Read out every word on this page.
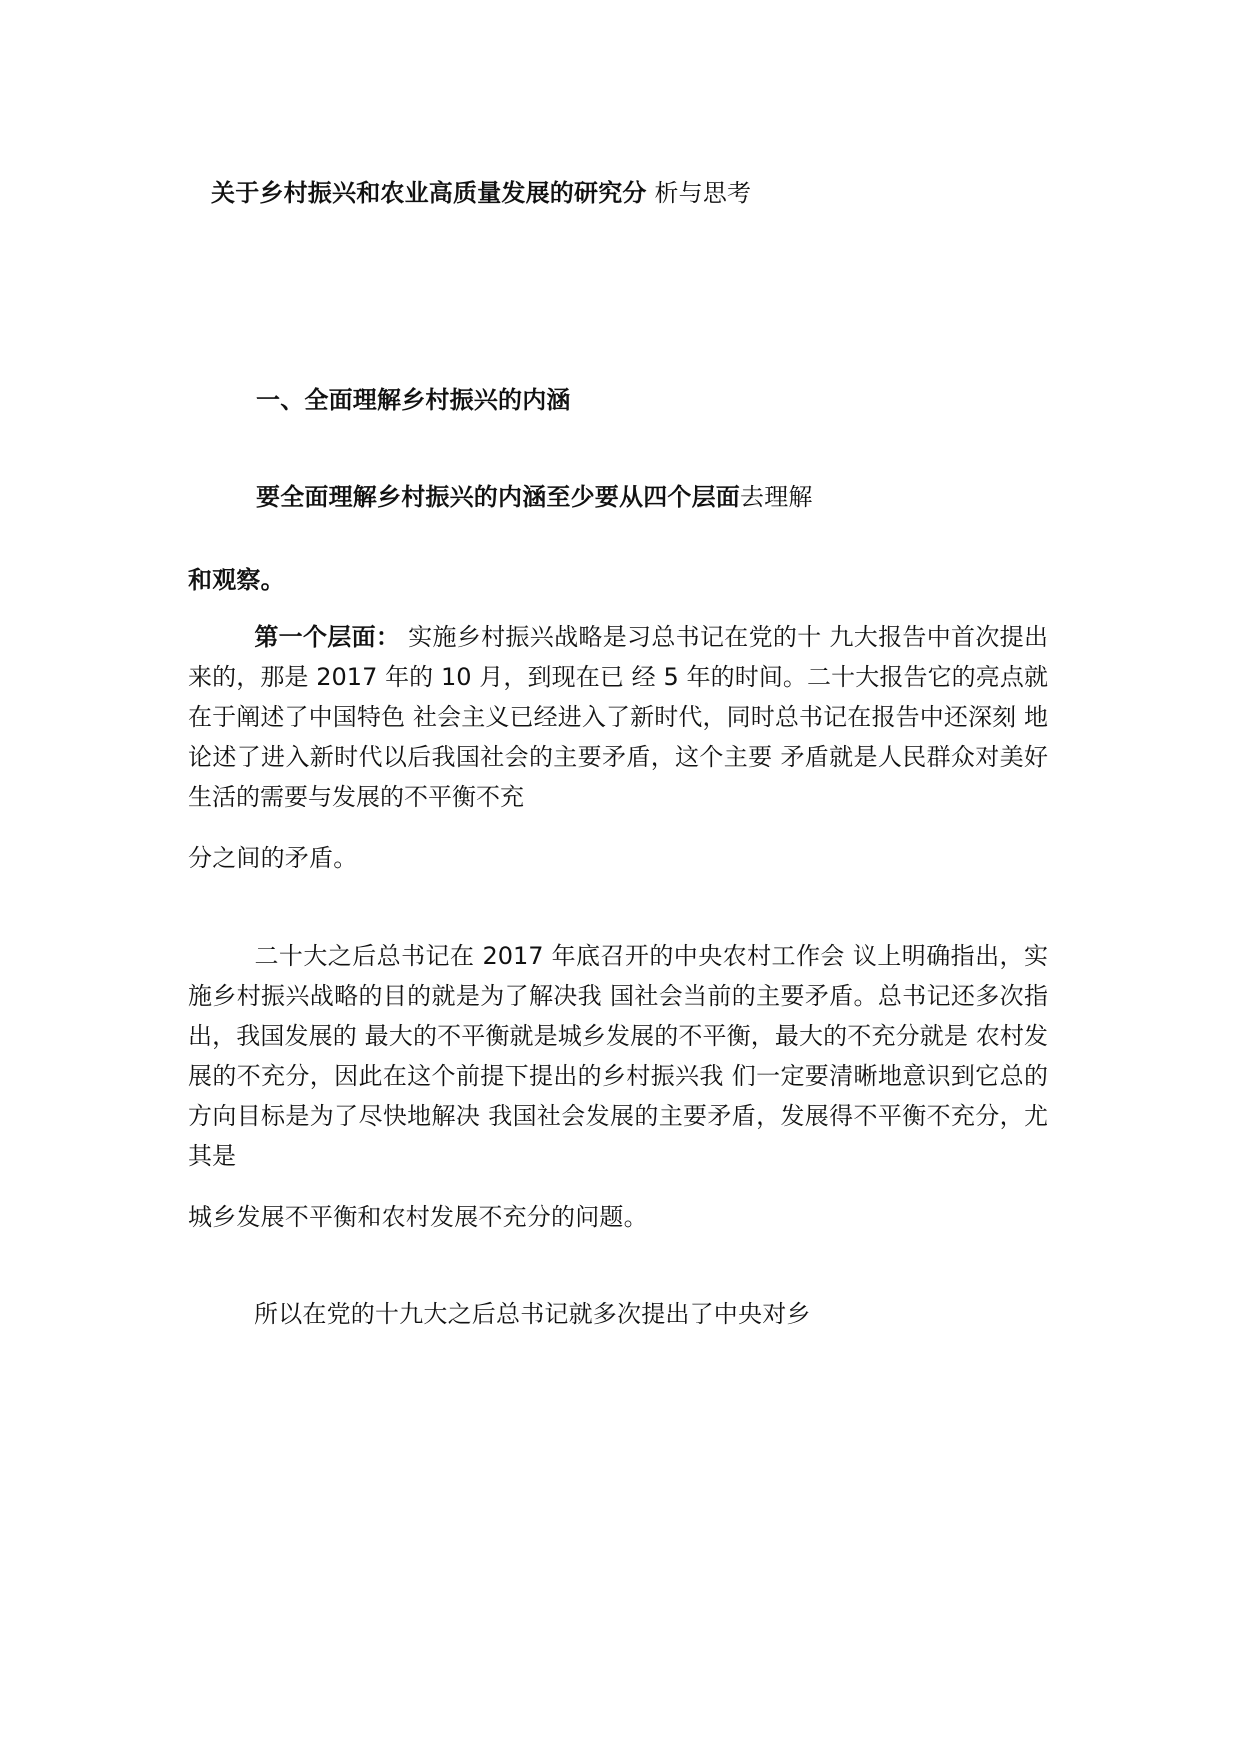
关于乡村振兴和农业高质量发展的研究分 析与思考
一、全面理解乡村振兴的内涵
要全面理解乡村振兴的内涵至少要从四个层面去理解
和观察。
第一个层面： 实施乡村振兴战略是习总书记在党的十 九大报告中首次提出来的，那是 2017 年的 10 月，到现在已 经 5 年的时间。二十大报告它的亮点就在于阐述了中国特色 社会主义已经进入了新时代，同时总书记在报告中还深刻 地论述了进入新时代以后我国社会的主要矛盾，这个主要 矛盾就是人民群众对美好生活的需要与发展的不平衡不充
分之间的矛盾。
二十大之后总书记在 2017 年底召开的中央农村工作会 议上明确指出，实施乡村振兴战略的目的就是为了解决我 国社会当前的主要矛盾。总书记还多次指出，我国发展的 最大的不平衡就是城乡发展的不平衡，最大的不充分就是 农村发展的不充分，因此在这个前提下提出的乡村振兴我 们一定要清晰地意识到它总的方向目标是为了尽快地解决 我国社会发展的主要矛盾，发展得不平衡不充分，尤其是
城乡发展不平衡和农村发展不充分的问题。
所以在党的十九大之后总书记就多次提出了中央对乡
